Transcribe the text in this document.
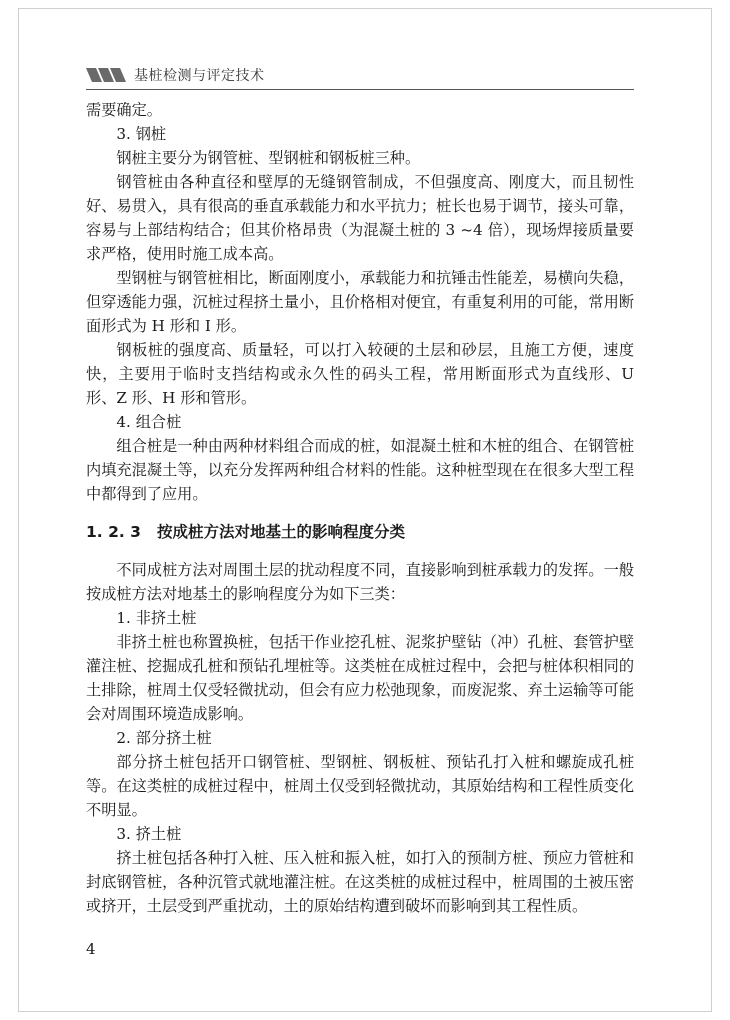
基桩检测与评定技术

需要确定。

3. 钢桩

钢桩主要分为钢管桩、型钢桩和钢板桩三种。

钢管桩由各种直径和壁厚的无缝钢管制成，不但强度高、刚度大，而且韧性好、易贯入，具有很高的垂直承载能力和水平抗力；桩长也易于调节，接头可靠，容易与上部结构结合；但其价格昂贵（为混凝土桩的 3 ~4 倍），现场焊接质量要求严格，使用时施工成本高。

型钢桩与钢管桩相比，断面刚度小，承载能力和抗锤击性能差，易横向失稳，但穿透能力强，沉桩过程挤土量小，且价格相对便宜，有重复利用的可能，常用断面形式为 H 形和 I 形。

钢板桩的强度高、质量轻，可以打入较硬的土层和砂层，且施工方便，速度快，主要用于临时支挡结构或永久性的码头工程，常用断面形式为直线形、U 形、Z 形、H 形和管形。

4. 组合桩

组合桩是一种由两种材料组合而成的桩，如混凝土桩和木桩的组合、在钢管桩内填充混凝土等，以充分发挥两种组合材料的性能。这种桩型现在在很多大型工程中都得到了应用。

1. 2. 3 按成桩方法对地基土的影响程度分类

不同成桩方法对周围土层的扰动程度不同，直接影响到桩承载力的发挥。一般按成桩方法对地基土的影响程度分为如下三类：

1. 非挤土桩

非挤土桩也称置换桩，包括干作业挖孔桩、泥浆护壁钻（冲）孔桩、套管护壁灌注桩、挖掘成孔桩和预钻孔埋桩等。这类桩在成桩过程中，会把与桩体积相同的土排除，桩周土仅受轻微扰动，但会有应力松弛现象，而废泥浆、弃土运输等可能会对周围环境造成影响。

2. 部分挤土桩

部分挤土桩包括开口钢管桩、型钢桩、钢板桩、预钻孔打入桩和螺旋成孔桩等。在这类桩的成桩过程中，桩周土仅受到轻微扰动，其原始结构和工程性质变化不明显。

3. 挤土桩

挤土桩包括各种打入桩、压入桩和振入桩，如打入的预制方桩、预应力管桩和封底钢管桩，各种沉管式就地灌注桩。在这类桩的成桩过程中，桩周围的土被压密或挤开，土层受到严重扰动，土的原始结构遭到破坏而影响到其工程性质。

4
